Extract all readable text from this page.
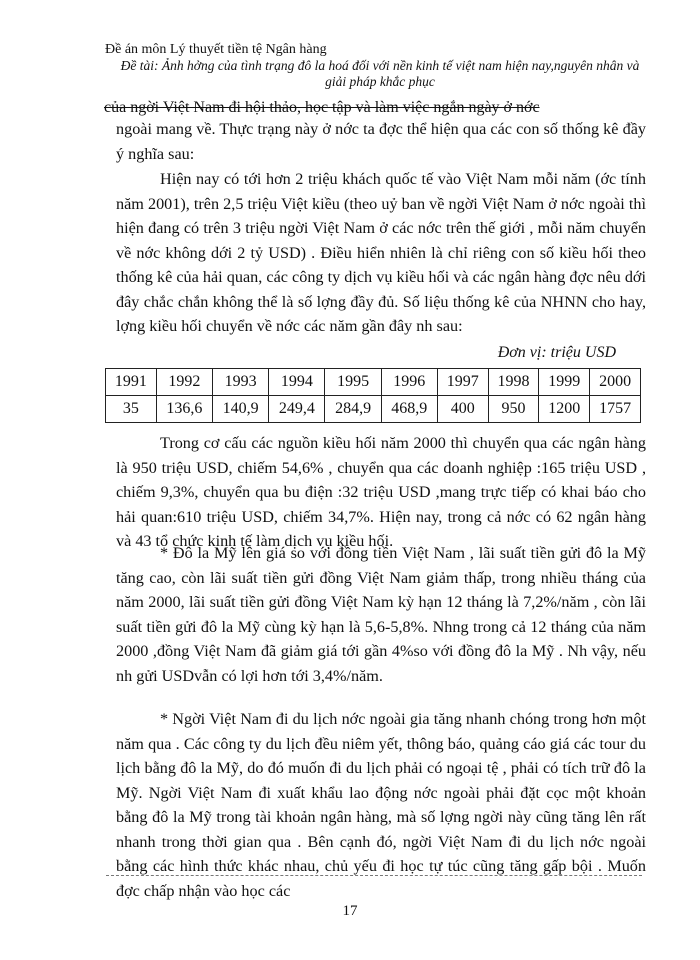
Đề án môn Lý thuyết tiền tệ Ngân hàng
Đề tài: Ảnh hởng của tình trạng đô la hoá đối với nền kinh tế việt nam hiện nay,nguyên nhân và giải pháp khắc phục
của ngời Việt Nam đi hội thảo, học tập và làm việc ngắn ngày ở nớc

ngoài mang về. Thực trạng này ở nớc ta đợc thể hiện qua các con số thống kê đầy ý nghĩa sau:

Hiện nay có tới hơn 2 triệu khách quốc tế vào Việt Nam mỗi năm (ớc tính năm 2001), trên 2,5 triệu Việt kiều (theo uỷ ban về ngời Việt Nam ở nớc ngoài thì hiện đang có trên 3 triệu ngời Việt Nam ở các nớc trên thế giới , mỗi năm chuyển về nớc không dới 2 tỷ USD) . Điều hiển nhiên là chỉ riêng con số kiều hối theo thống kê của hải quan, các công ty dịch vụ kiều hối và các ngân hàng đợc nêu dới đây chắc chắn không thể là số lợng đầy đủ. Số liệu thống kê của NHNN cho hay, lợng kiều hối chuyển về nớc các năm gần đây nh sau:

Đơn vị: triệu USD
1991	1992	1993	1994	1995	1996	1997	1998	1999	2000
35	136,6	140,9	249,4	284,9	468,9	400	950	1200	1757

Trong cơ cấu các nguồn kiều hối năm 2000 thì chuyển qua các ngân hàng là 950 triệu USD, chiếm 54,6% , chuyển qua các doanh nghiệp :165 triệu USD , chiếm 9,3%, chuyển qua bu điện :32 triệu USD ,mang trực tiếp có khai báo cho hải quan:610 triệu USD, chiếm 34,7%. Hiện nay, trong cả nớc có 62 ngân hàng và 43 tổ chức kinh tế làm dịch vụ kiều hối.

* Đô la Mỹ lên giá so với đồng tiền Việt Nam , lãi suất tiền gửi đô la Mỹ tăng cao, còn lãi suất tiền gửi đồng Việt Nam giảm thấp, trong nhiều tháng của năm 2000, lãi suất tiền gửi đồng Việt Nam kỳ hạn 12 tháng là 7,2%/năm , còn lãi suất tiền gửi đô la Mỹ cùng kỳ hạn là 5,6-5,8%. Nhng trong cả 12 tháng của năm 2000 ,đồng Việt Nam đã giảm giá tới gần 4%so với đồng đô la Mỹ . Nh vậy, nếu nh gửi USDvẫn có lợi hơn tới 3,4%/năm.

* Ngời Việt Nam đi du lịch nớc ngoài gia tăng nhanh chóng trong hơn một năm qua . Các công ty du lịch đều niêm yết, thông báo, quảng cáo giá các tour du lịch bằng đô la Mỹ, do đó muốn đi du lịch phải có ngoại tệ , phải có tích trữ đô la Mỹ. Ngời Việt Nam đi xuất khẩu lao động nớc ngoài phải đặt cọc một khoản bằng đô la Mỹ trong tài khoản ngân hàng, mà số lợng ngời này cũng tăng lên rất nhanh trong thời gian qua . Bên cạnh đó, ngời Việt Nam đi du lịch nớc ngoài bằng các hình thức khác nhau, chủ yếu đi học tự túc cũng tăng gấp bội . Muốn đợc chấp nhận vào học các

17
